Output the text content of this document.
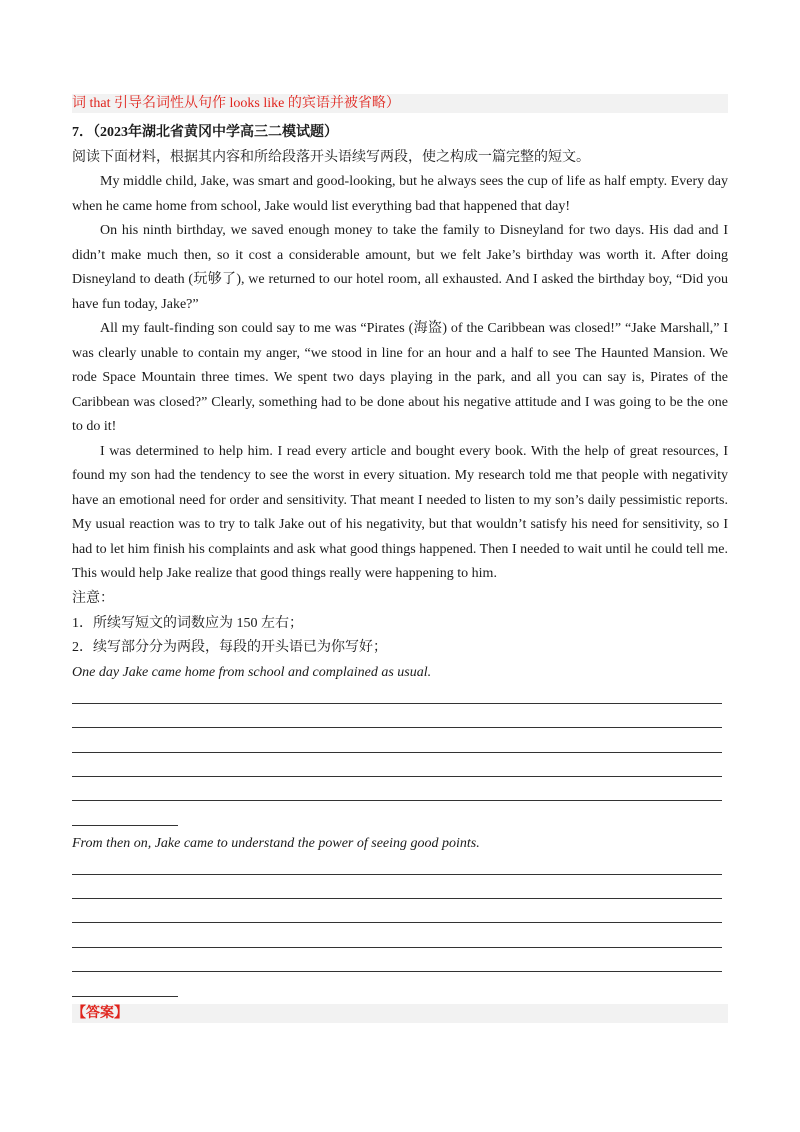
词 that 引导名词性从句作 looks like 的宾语并被省略）
7．（2023年湖北省黄冈中学高三二模试题）
阅读下面材料，根据其内容和所给段落开头语续写两段，使之构成一篇完整的短文。

My middle child, Jake, was smart and good-looking, but he always sees the cup of life as half empty. Every day when he came home from school, Jake would list everything bad that happened that day!

On his ninth birthday, we saved enough money to take the family to Disneyland for two days. His dad and I didn’t make much then, so it cost a considerable amount, but we felt Jake’s birthday was worth it. After doing Disneyland to death (玩够了), we returned to our hotel room, all exhausted. And I asked the birthday boy, “Did you have fun today, Jake?”

All my fault-finding son could say to me was “Pirates (海盗) of the Caribbean was closed!” “Jake Marshall,” I was clearly unable to contain my anger, “we stood in line for an hour and a half to see The Haunted Mansion. We rode Space Mountain three times. We spent two days playing in the park, and all you can say is, Pirates of the Caribbean was closed?” Clearly, something had to be done about his negative attitude and I was going to be the one to do it!

I was determined to help him. I read every article and bought every book. With the help of great resources, I found my son had the tendency to see the worst in every situation. My research told me that people with negativity have an emotional need for order and sensitivity. That meant I needed to listen to my son’s daily pessimistic reports. My usual reaction was to try to talk Jake out of his negativity, but that wouldn’t satisfy his need for sensitivity, so I had to let him finish his complaints and ask what good things happened. Then I needed to wait until he could tell me. This would help Jake realize that good things really were happening to him.

注意：
1．所续写短文的词数应为 150 左右；
2．续写部分分为两段，每段的开头语已为你写好；
One day Jake came home from school and complained as usual.
From then on, Jake came to understand the power of seeing good points.
【答案】
